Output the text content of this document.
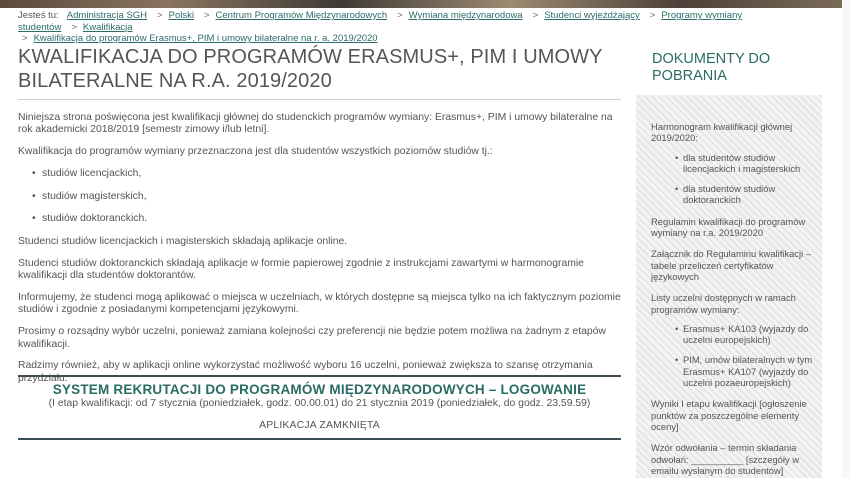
Jesteś tu: Administracja SGH > Polski > Centrum Programów Międzynarodowych > Wymiana międzynarodowa > Studenci wyjeżdżający > Programy wymiany studentów > Kwalifikacja
> Kwalifikacja do programów Erasmus+, PIM i umowy bilateralne na r. a. 2019/2020
KWALIFIKACJA DO PROGRAMÓW ERASMUS+, PIM I UMOWY BILATERALNE NA R.A. 2019/2020

Niniejsza strona poświęcona jest kwalifikacji głównej do studenckich programów wymiany: Erasmus+, PIM i umowy bilateralne na rok akademicki 2018/2019 [semestr zimowy i/lub letni].

Kwalifikacja do programów wymiany przeznaczona jest dla studentów wszystkich poziomów studiów tj.:

• studiów licencjackich,
• studiów magisterskich,
• studiów doktoranckich.

Studenci studiów licencjackich i magisterskich składają aplikacje online.

Studenci studiów doktoranckich składają aplikacje w formie papierowej zgodnie z instrukcjami zawartymi w harmonogramie kwalifikacji dla studentów doktorantów.

Informujemy, że studenci mogą aplikować o miejsca w uczelniach, w których dostępne są miejsca tylko na ich faktycznym poziomie studiów i zgodnie z posiadanymi kompetencjami językowymi.

Prosimy o rozsądny wybór uczelni, ponieważ zamiana kolejności czy preferencji nie będzie potem możliwa na żadnym z etapów kwalifikacji.

Radzimy również, aby w aplikacji online wykorzystać możliwość wyboru 16 uczelni, ponieważ zwiększa to szansę otrzymania przydziału.

SYSTEM REKRUTACJI DO PROGRAMÓW MIĘDZYNARODOWYCH – LOGOWANIE
(I etap kwalifikacji: od 7 stycznia (poniedziałek, godz. 00.00.01) do 21 stycznia 2019 (poniedziałek, do godz. 23.59.59)
APLIKACJA ZAMKNIĘTA
DOKUMENTY DO POBRANIA
Harmonogram kwalifikacji głównej 2019/2020:
• dla studentów studiów licencjackich i magisterskich
• dla studentów studiów doktoranckich
Regulamin kwalifikacji do programów wymiany na r.a. 2019/2020
Załącznik do Regulaminu kwalifikacji – tabele przeliczeń certyfikatów językowych
Listy uczelni dostępnych w ramach programów wymiany:
• Erasmus+ KA103 (wyjazdy do uczelni europejskich)
• PIM, umów bilateralnych w tym Erasmus+ KA107 (wyjazdy do uczelni pozaeuropejskich)
Wyniki I etapu kwalifikacji [ogłoszenie punktów za poszczególne elementy oceny]
Wzór odwołania – termin składania odwołań: __________ [szczegóły w emailu wysłanym do studentów]
